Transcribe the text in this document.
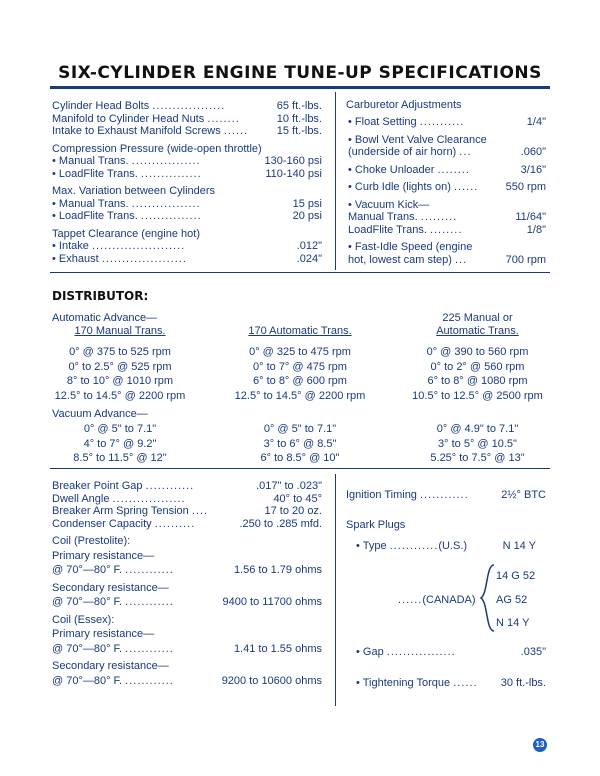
SIX-CYLINDER ENGINE TUNE-UP SPECIFICATIONS
Cylinder Head Bolts ..................	65 ft.-lbs.
Manifold to Cylinder Head Nuts ........	10 ft.-lbs.
Intake to Exhaust Manifold Screws ......	15 ft.-lbs.
Compression Pressure (wide-open throttle)
• Manual Trans. .................	130-160 psi
• LoadFlite Trans. ...............	110-140 psi
Max. Variation between Cylinders
• Manual Trans. .................	15 psi
• LoadFlite Trans. ...............	20 psi
Tappet Clearance (engine hot)
• Intake .......................	.012"
• Exhaust .....................	.024"
Carburetor Adjustments
• Float Setting ...........	1/4"
• Bowl Vent Valve Clearance
(underside of air horn) ...	.060"
• Choke Unloader ........	3/16"
• Curb Idle (lights on) ...... 550 rpm
• Vacuum Kick—
Manual Trans. .........	11/64"
LoadFlite Trans. ........	1/8"
• Fast-Idle Speed (engine
hot, lowest cam step) ...	700 rpm
DISTRIBUTOR:
Automatic Advance—
170 Manual Trans.	170 Automatic Trans.
225 Manual or
Automatic Trans.
0° @ 375 to 525 rpm	0° @ 325 to 475 rpm	0° @ 390 to 560 rpm
0° to 2.5° @ 525 rpm	0° to 7° @ 475 rpm	0° to 2° @ 560 rpm
8° to 10° @ 1010 rpm	6° to 8° @ 600 rpm	6° to 8° @ 1080 rpm
12.5° to 14.5° @ 2200 rpm	12.5° to 14.5° @ 2200 rpm	10.5° to 12.5° @ 2500 rpm
Vacuum Advance—
0° @ 5" to 7.1"	0° @ 5" to 7.1"	0° @ 4.9" to 7.1"
4° to 7° @ 9.2"	3° to 6° @ 8.5"	3° to 5° @ 10.5"
8.5° to 11.5° @ 12"	6° to 8.5° @ 10"	5.25° to 7.5° @ 13"
Breaker Point Gap ............	.017" to .023"
Dwell Angle ..................	40° to 45°
Breaker Arm Spring Tension ....	17 to 20 oz.
Condenser Capacity ..........	.250 to .285 mfd.
Coil (Prestolite):
Primary resistance—
@ 70°—80° F. ............	1.56 to 1.79 ohms
Secondary resistance—
@ 70°—80° F. ............	9400 to 11700 ohms
Coil (Essex):
Primary resistance—
@ 70°—80° F. ............	1.41 to 1.55 ohms
Secondary resistance—
@ 70°—80° F. ............	9200 to 10600 ohms
Ignition Timing ............	2½° BTC
Spark Plugs
• Type ............(U.S.)	N 14 Y
......(CANADA)
14 G 52
AG 52
N 14 Y
• Gap .................	.035"
• Tightening Torque ...... 30 ft.-lbs.
13
